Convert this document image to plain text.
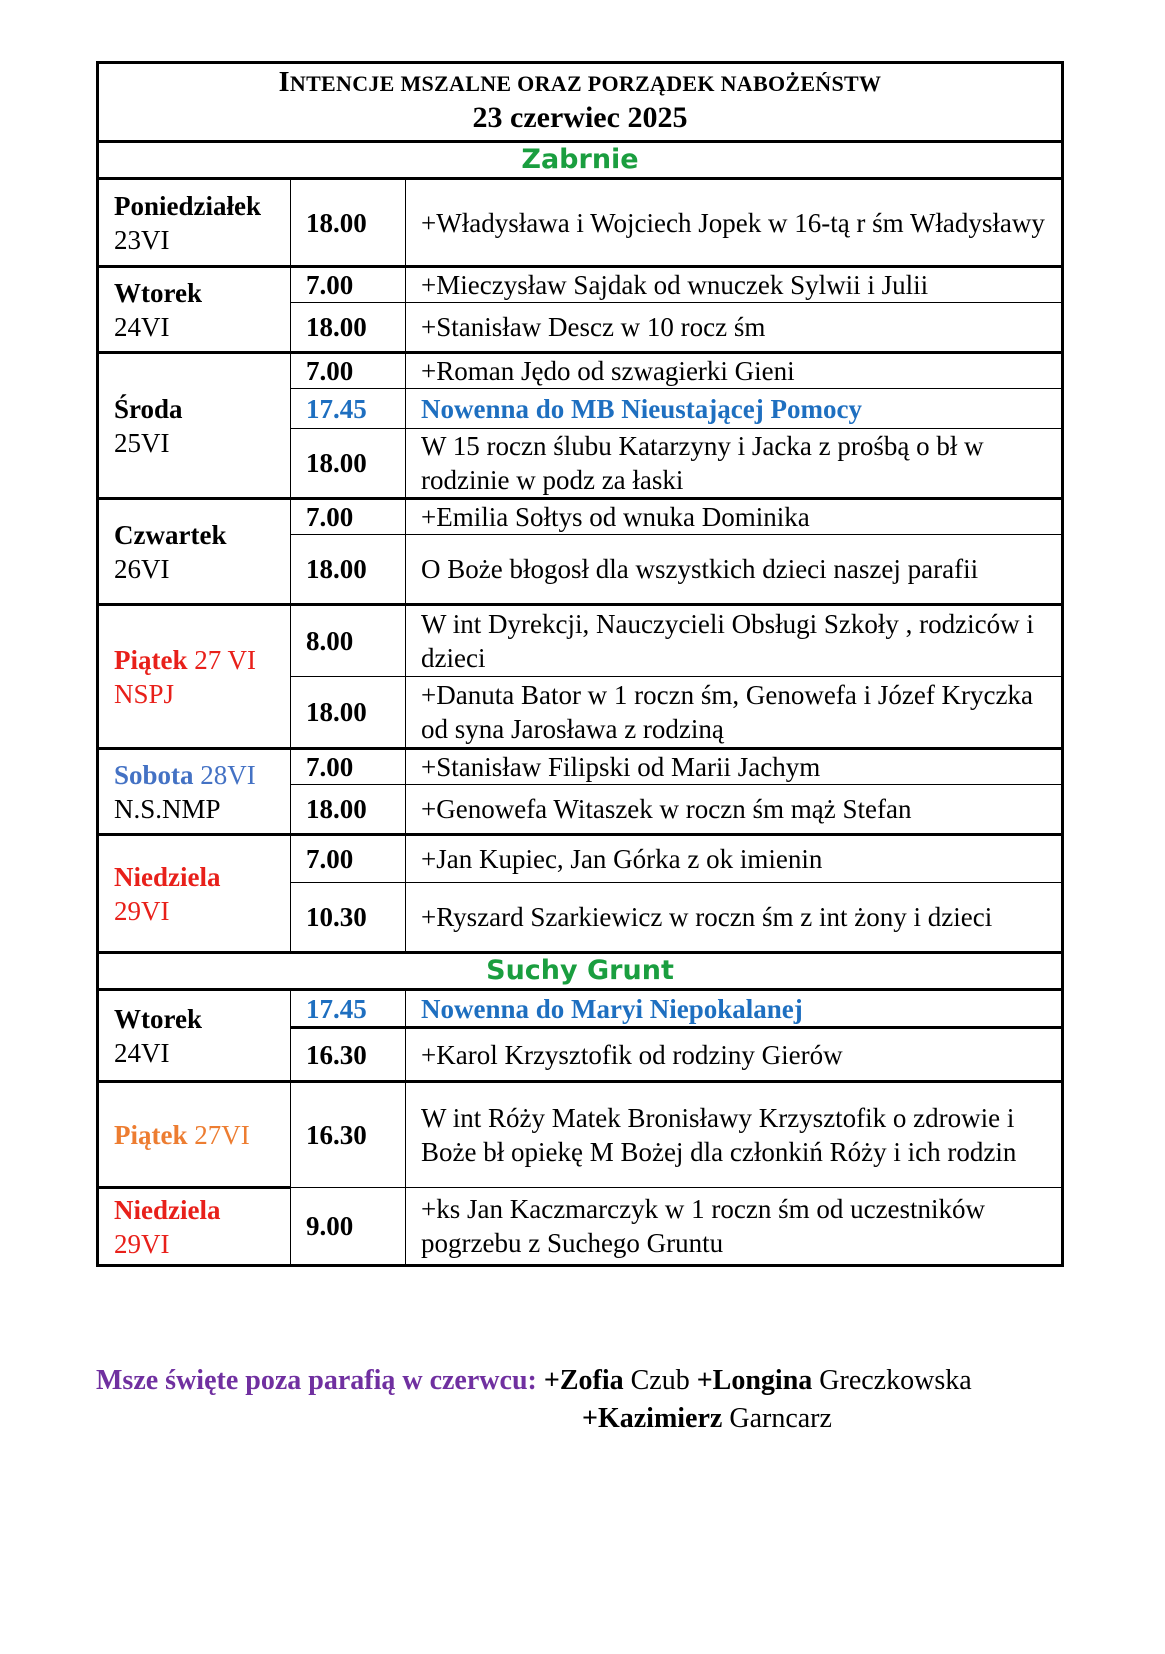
INTENCJE MSZALNE ORAZ PORZĄDEK NABOŻEŃSTW
23 czerwiec 2025		

Zabrnie		
Poniedziałek
23VI	18.00	+Władysława i Wojciech Jopek w 16-tą r śm Władysławy
Wtorek
24VI	7.00	+Mieczysław Sajdak od wnuczek Sylwii i Julii
	18.00	+Stanisław Descz w 10 rocz śm
Środa
25VI	7.00	+Roman Jędo od szwagierki Gieni
	17.45	Nowenna do MB Nieustającej Pomocy
	18.00	W 15 roczn ślubu Katarzyny i Jacka z prośbą o bł w rodzinie w podz za łaski
Czwartek
26VI	7.00	+Emilia Sołtys od wnuka Dominika
	18.00	O Boże błogosł dla wszystkich dzieci naszej parafii
Piątek 27 VI
NSPJ	8.00	W int Dyrekcji, Nauczycieli Obsługi Szkoły , rodziców i dzieci
	18.00	+Danuta Bator w 1 roczn śm, Genowefa i Józef Kryczka od syna Jarosława z rodziną
Sobota 28VI
N.S.NMP	7.00	+Stanisław Filipski od Marii Jachym
	18.00	+Genowefa Witaszek w roczn śm mąż Stefan
Niedziela
29VI	7.00	+Jan Kupiec, Jan Górka z ok imienin
	10.30	+Ryszard Szarkiewicz w roczn śm z int żony i dzieci
Suchy Grunt		
Wtorek
24VI	17.45	Nowenna do Maryi Niepokalanej
	16.30	+Karol Krzysztofik od rodziny Gierów
Piątek 27VI	16.30	W int Róży Matek Bronisławy Krzysztofik o zdrowie i Boże bł opiekę M Bożej dla członkiń Róży i ich rodzin
Niedziela
29VI	9.00	+ks Jan Kaczmarczyk w 1 roczn śm od uczestników pogrzebu z Suchego Gruntu
Msze święte poza parafią w czerwcu: +Zofia Czub +Longina Greczkowska
+Kazimierz Garncarz
